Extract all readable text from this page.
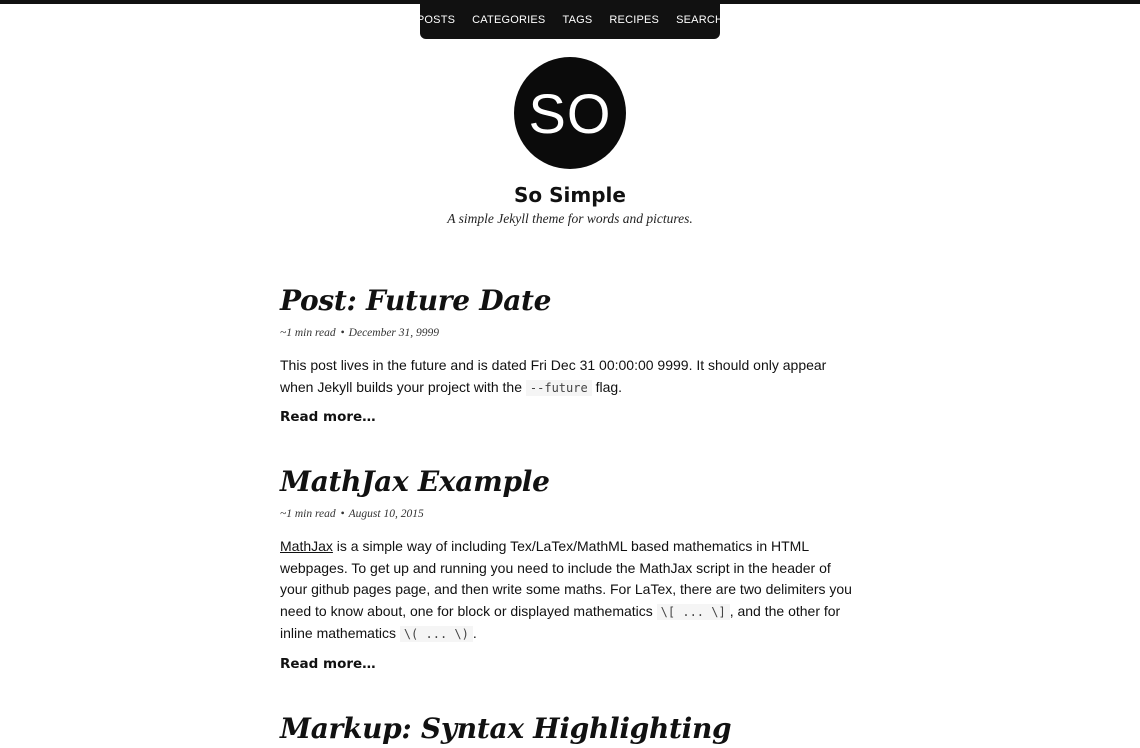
POSTS	CATEGORIES	TAGS	RECIPES	SEARCH
SO
So Simple

A simple Jekyll theme for words and pictures.

Post: Future Date
~1 min read • December 31, 9999

This post lives in the future and is dated Fri Dec 31 00:00:00 9999. It should only appear when Jekyll builds your project with the --future flag.

Read more…
MathJax Example
~1 min read • August 10, 2015

MathJax is a simple way of including Tex/LaTex/MathML based mathematics in HTML webpages. To get up and running you need to include the MathJax script in the header of your github pages page, and then write some maths. For LaTex, there are two delimiters you need to know about, one for block or displayed mathematics \[ ... \] , and the other for inline mathematics \( ... \) .

Read more…
Markup: Syntax Highlighting
